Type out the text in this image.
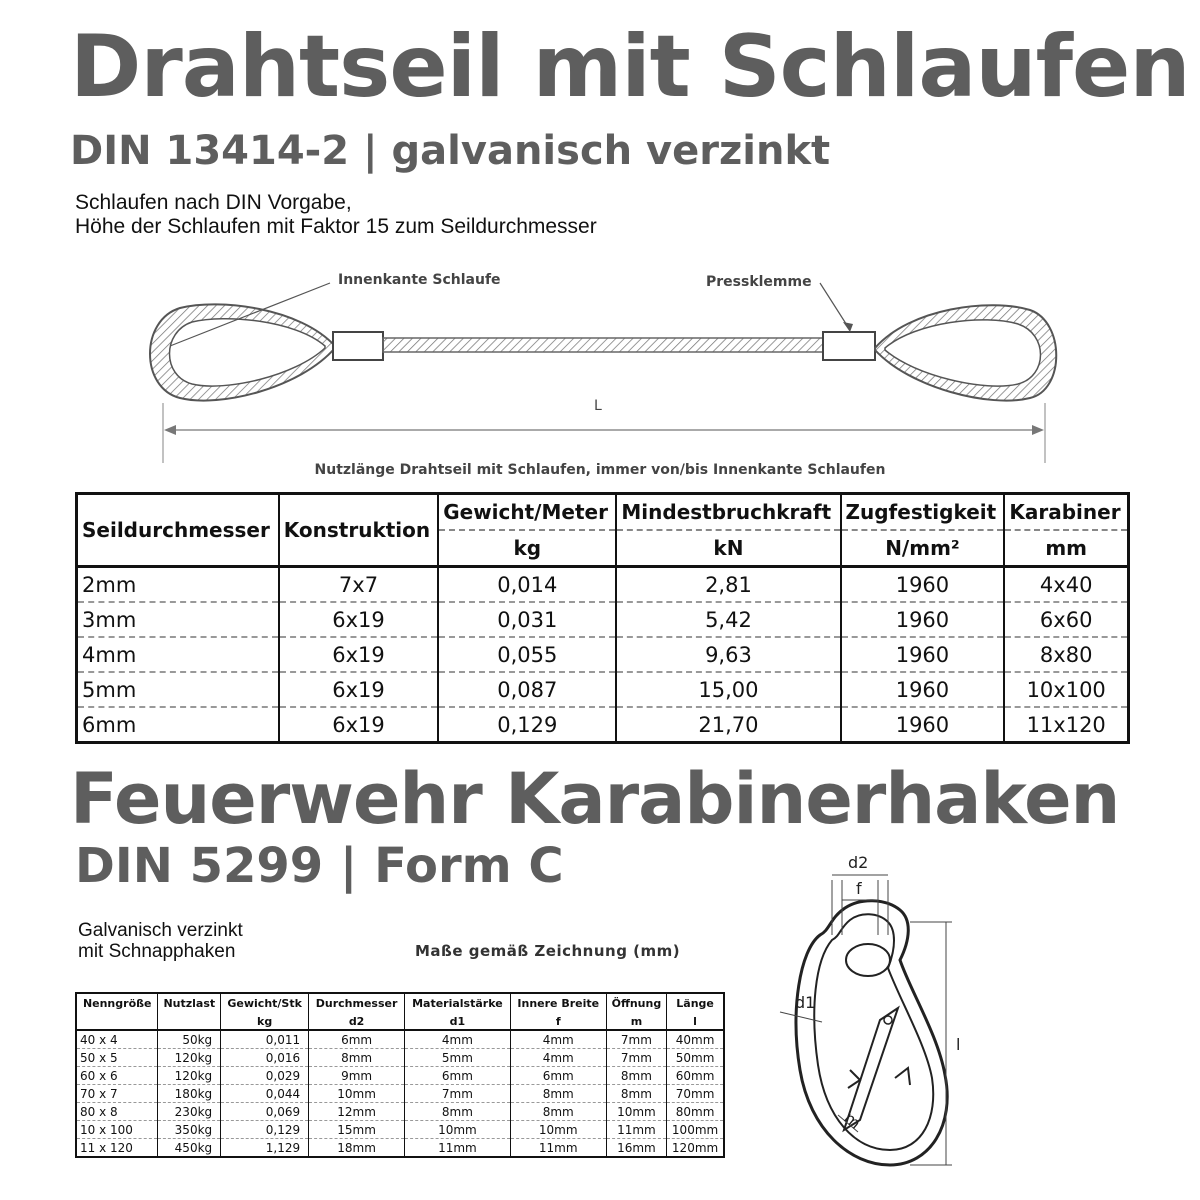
Drahtseil mit Schlaufen
DIN 13414-2 | galvanisch verzinkt
Schlaufen nach DIN Vorgabe,
Höhe der Schlaufen mit Faktor 15 zum Seildurchmesser
Innenkante Schlaufe	Pressklemme
L
Nutzlänge Drahtseil mit Schlaufen, immer von/bis Innenkante Schlaufen
Seildurchmesser	Konstruktion	Gewicht/Meter	Mindestbruchkraft	Zugfestigkeit	Karabiner
		kg	kN	N/mm²	mm
2mm	7x7	0,014	2,81	1960	4x40
3mm	6x19	0,031	5,42	1960	6x60
4mm	6x19	0,055	9,63	1960	8x80
5mm	6x19	0,087	15,00	1960	10x100
6mm	6x19	0,129	21,70	1960	11x120
Feuerwehr Karabinerhaken
DIN 5299 | Form C
Galvanisch verzinkt
mit Schnapphaken	Maße gemäß Zeichnung (mm)
Nenngröße	Nutzlast	Gewicht/Stk	Durchmesser	Materialstärke	Innere Breite	Öffnung	Länge
		kg	d2	d1	f	m	l
40 x 4	50kg	0,011	6mm	4mm	4mm	7mm	40mm
50 x 5	120kg	0,016	8mm	5mm	4mm	7mm	50mm
60 x 6	120kg	0,029	9mm	6mm	6mm	8mm	60mm
70 x 7	180kg	0,044	10mm	7mm	8mm	8mm	70mm
80 x 8	230kg	0,069	12mm	8mm	8mm	10mm	80mm
10 x 100	350kg	0,129	15mm	10mm	10mm	11mm	100mm
11 x 120	450kg	1,129	18mm	11mm	11mm	16mm	120mm
d2
f
d1
l
m
